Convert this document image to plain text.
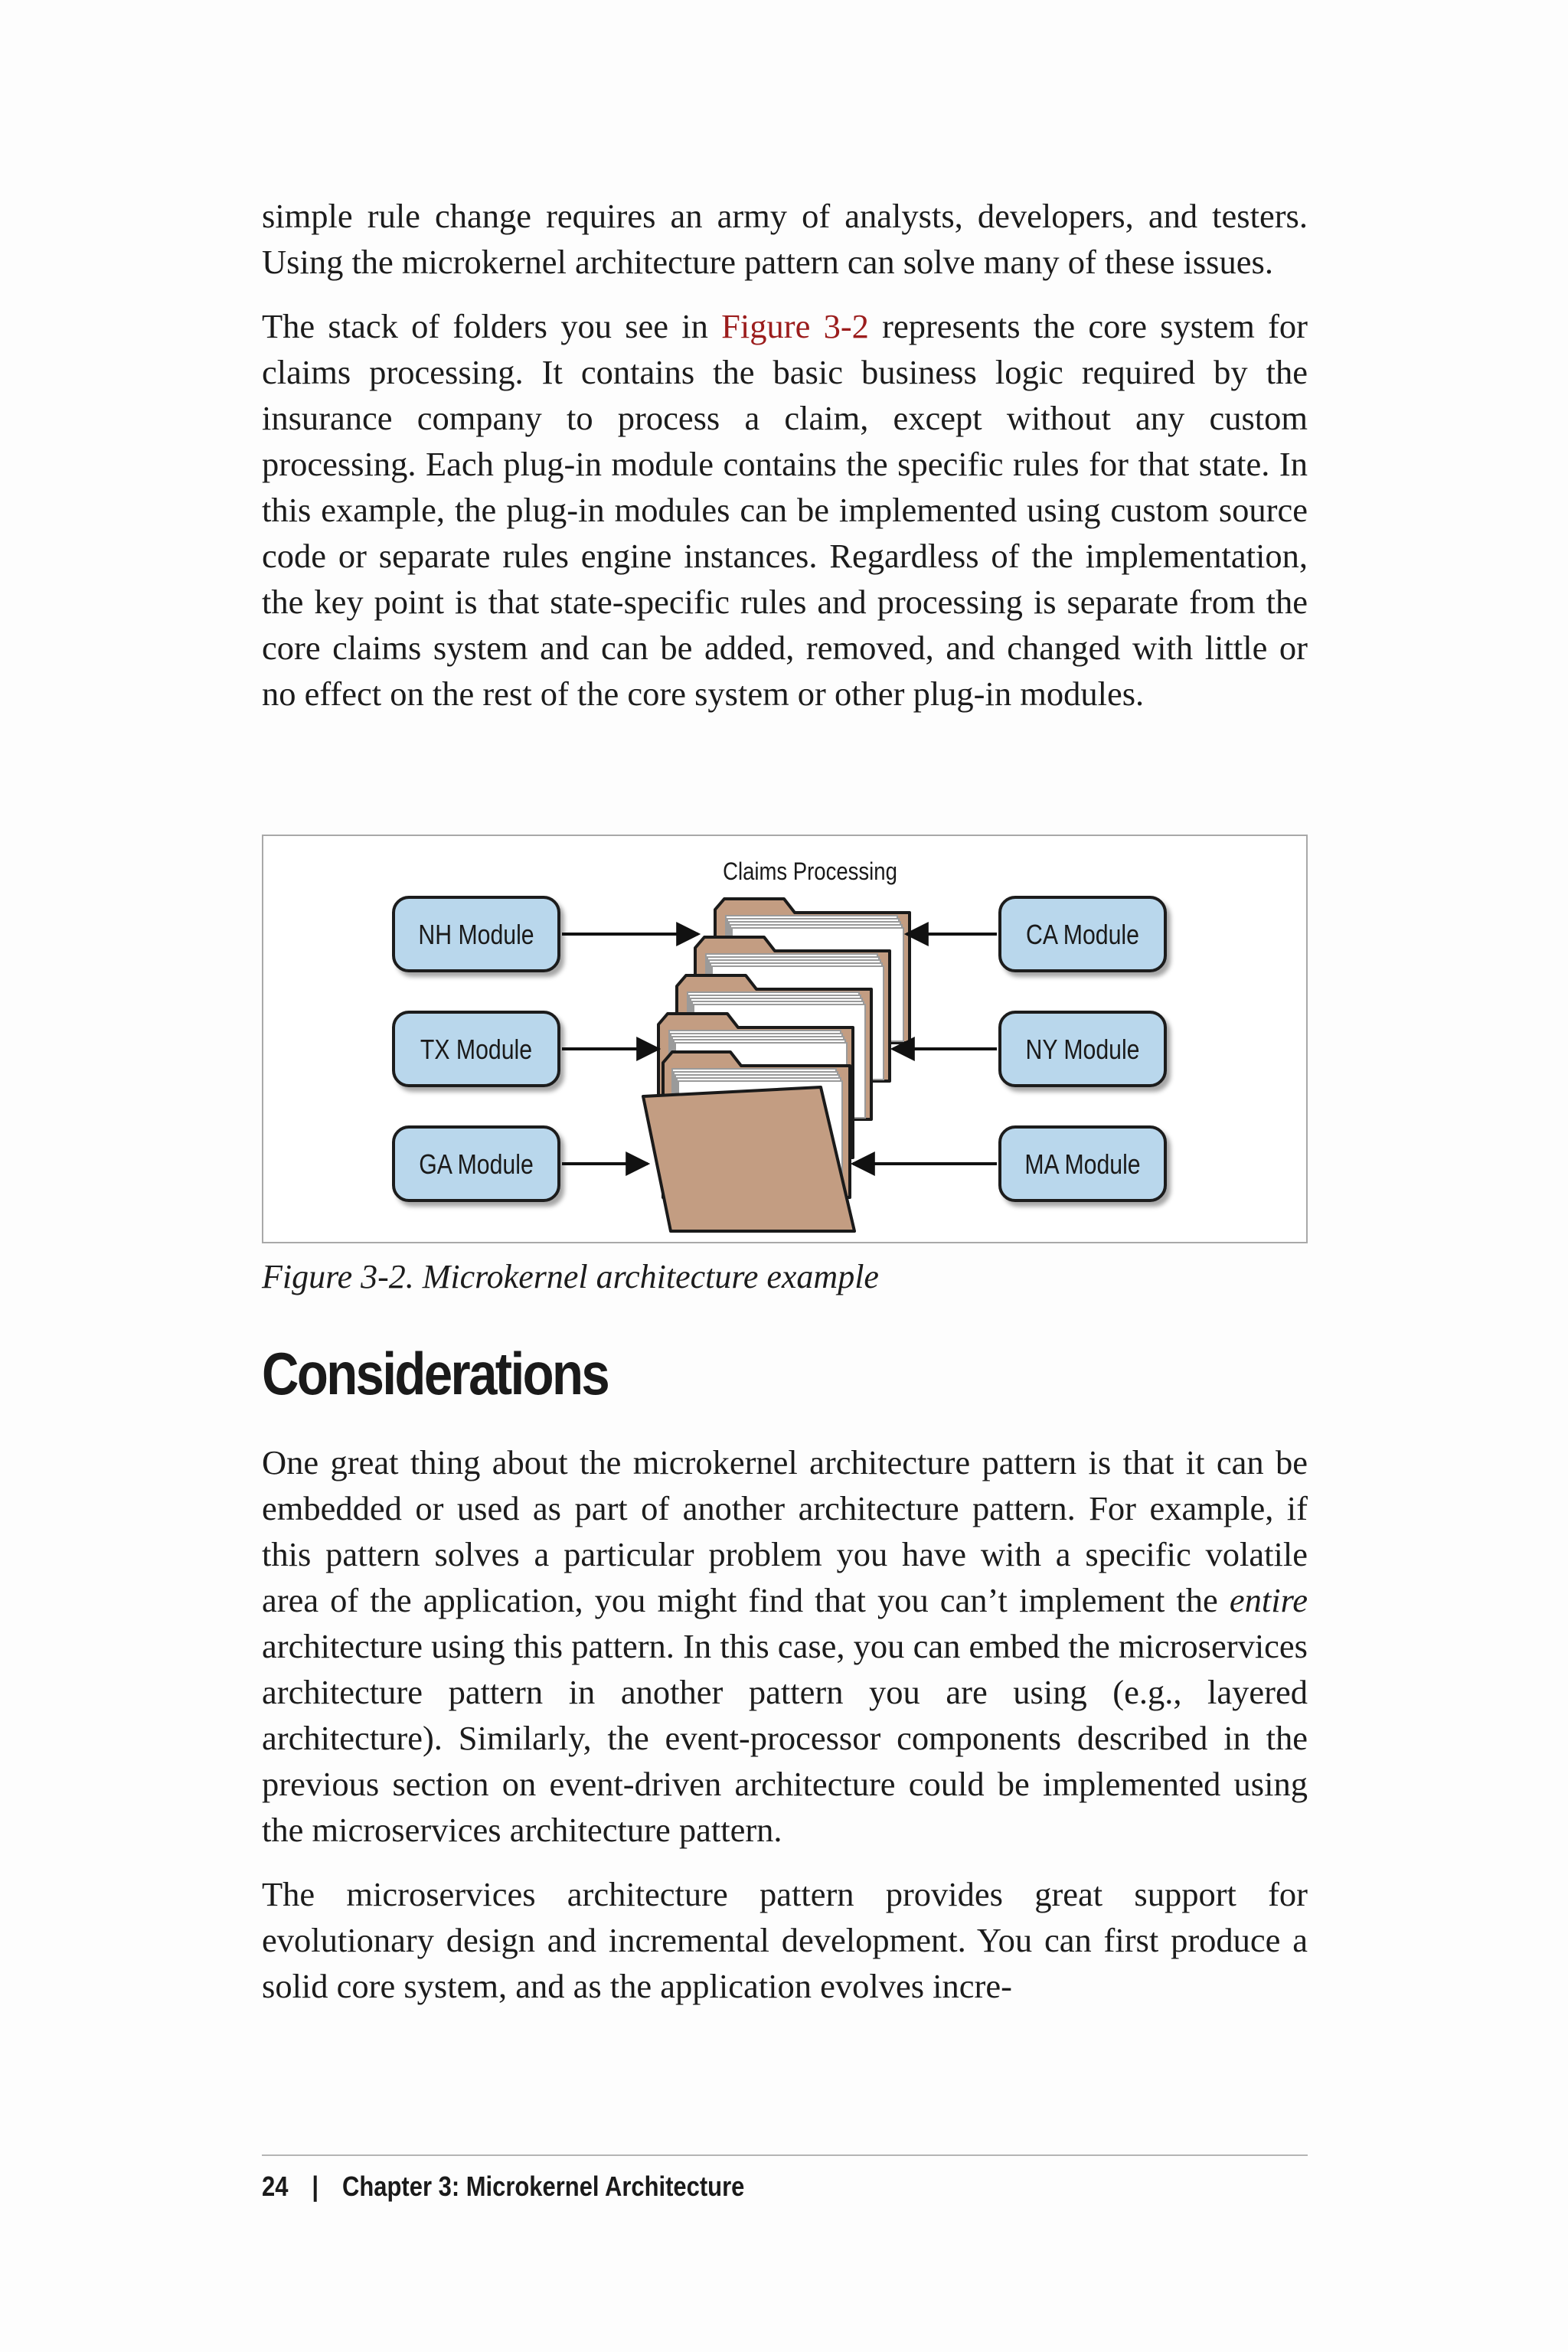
simple rule change requires an army of analysts, developers, and testers. Using the microkernel architecture pattern can solve many of these issues.

The stack of folders you see in Figure 3-2 represents the core system for claims processing. It contains the basic business logic required by the insurance company to process a claim, except without any custom processing. Each plug-in module contains the specific rules for that state. In this example, the plug-in modules can be implemented using custom source code or separate rules engine instances. Regardless of the implementation, the key point is that state-specific rules and processing is separate from the core claims system and can be added, removed, and changed with little or no effect on the rest of the core system or other plug-in modules.

Claims Processing
NH Module
TX Module
GA Module
CA Module
NY Module
MA Module
Figure 3-2. Microkernel architecture example
Considerations

One great thing about the microkernel architecture pattern is that it can be embedded or used as part of another architecture pattern. For example, if this pattern solves a particular problem you have with a specific volatile area of the application, you might find that you can’t implement the entire architecture using this pattern. In this case, you can embed the microservices architecture pattern in another pattern you are using (e.g., layered architecture). Similarly, the event-processor components described in the previous section on event-driven architecture could be implemented using the microservices architecture pattern.

The microservices architecture pattern provides great support for evolutionary design and incremental development. You can first produce a solid core system, and as the application evolves incre-

24 | Chapter 3: Microkernel Architecture
